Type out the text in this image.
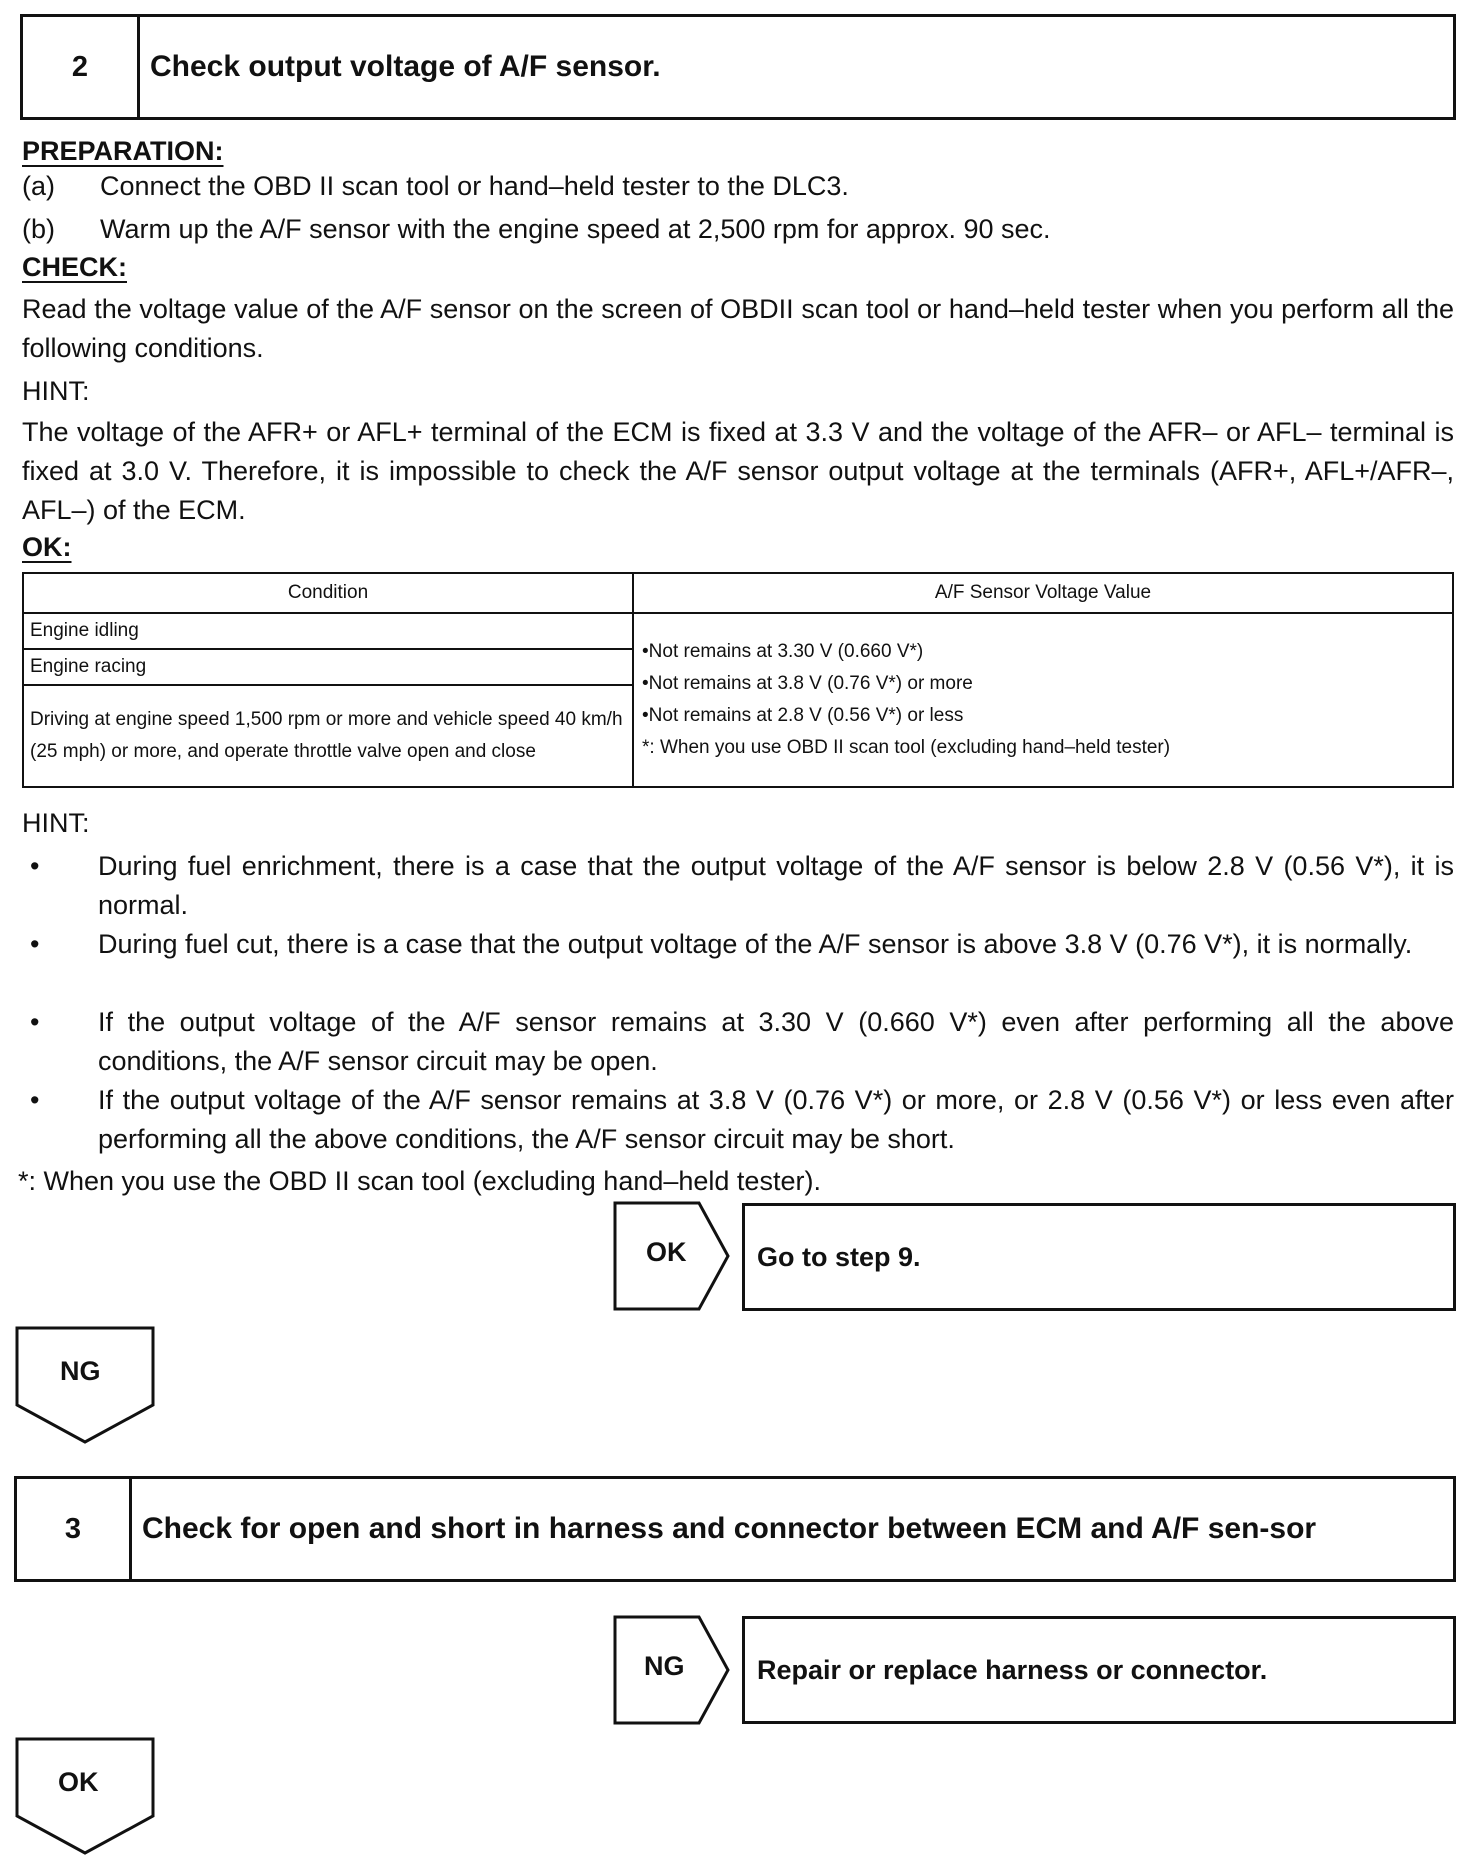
2	Check output voltage of A/F sensor.
PREPARATION:
(a) Connect the OBD II scan tool or hand–held tester to the DLC3.
(b) Warm up the A/F sensor with the engine speed at 2,500 rpm for approx. 90 sec.
CHECK:
Read the voltage value of the A/F sensor on the screen of OBDII scan tool or hand–held tester when you perform all the following conditions.
HINT:
The voltage of the AFR+ or AFL+ terminal of the ECM is fixed at 3.3 V and the voltage of the AFR– or AFL– terminal is fixed at 3.0 V. Therefore, it is impossible to check the A/F sensor output voltage at the terminals (AFR+, AFL+/AFR–, AFL–) of the ECM.
OK:
Condition	A/F Sensor Voltage Value
Engine idling	•Not remains at 3.30 V (0.660 V*)
•Not remains at 3.8 V (0.76 V*) or more
•Not remains at 2.8 V (0.56 V*) or less
*: When you use OBD II scan tool (excluding hand–held tester)

Engine racing	
Driving at engine speed 1,500 rpm or more and vehicle speed 40 km/h (25 mph) or more, and operate throttle valve open and close	
HINT:
•	During fuel enrichment, there is a case that the output voltage of the A/F sensor is below 2.8 V (0.56 V*), it is normal.
•	During fuel cut, there is a case that the output voltage of the A/F sensor is above 3.8 V (0.76 V*), it is normally.
•	If the output voltage of the A/F sensor remains at 3.30 V (0.660 V*) even after performing all the above conditions, the A/F sensor circuit may be open.
•	If the output voltage of the A/F sensor remains at 3.8 V (0.76 V*) or more, or 2.8 V (0.56 V*) or less even after performing all the above conditions, the A/F sensor circuit may be short.
*: When you use the OBD II scan tool (excluding hand–held tester).
OK	Go to step 9.
NG
3	Check for open and short in harness and connector between ECM and A/F sen-sor
NG	Repair or replace harness or connector.
OK
